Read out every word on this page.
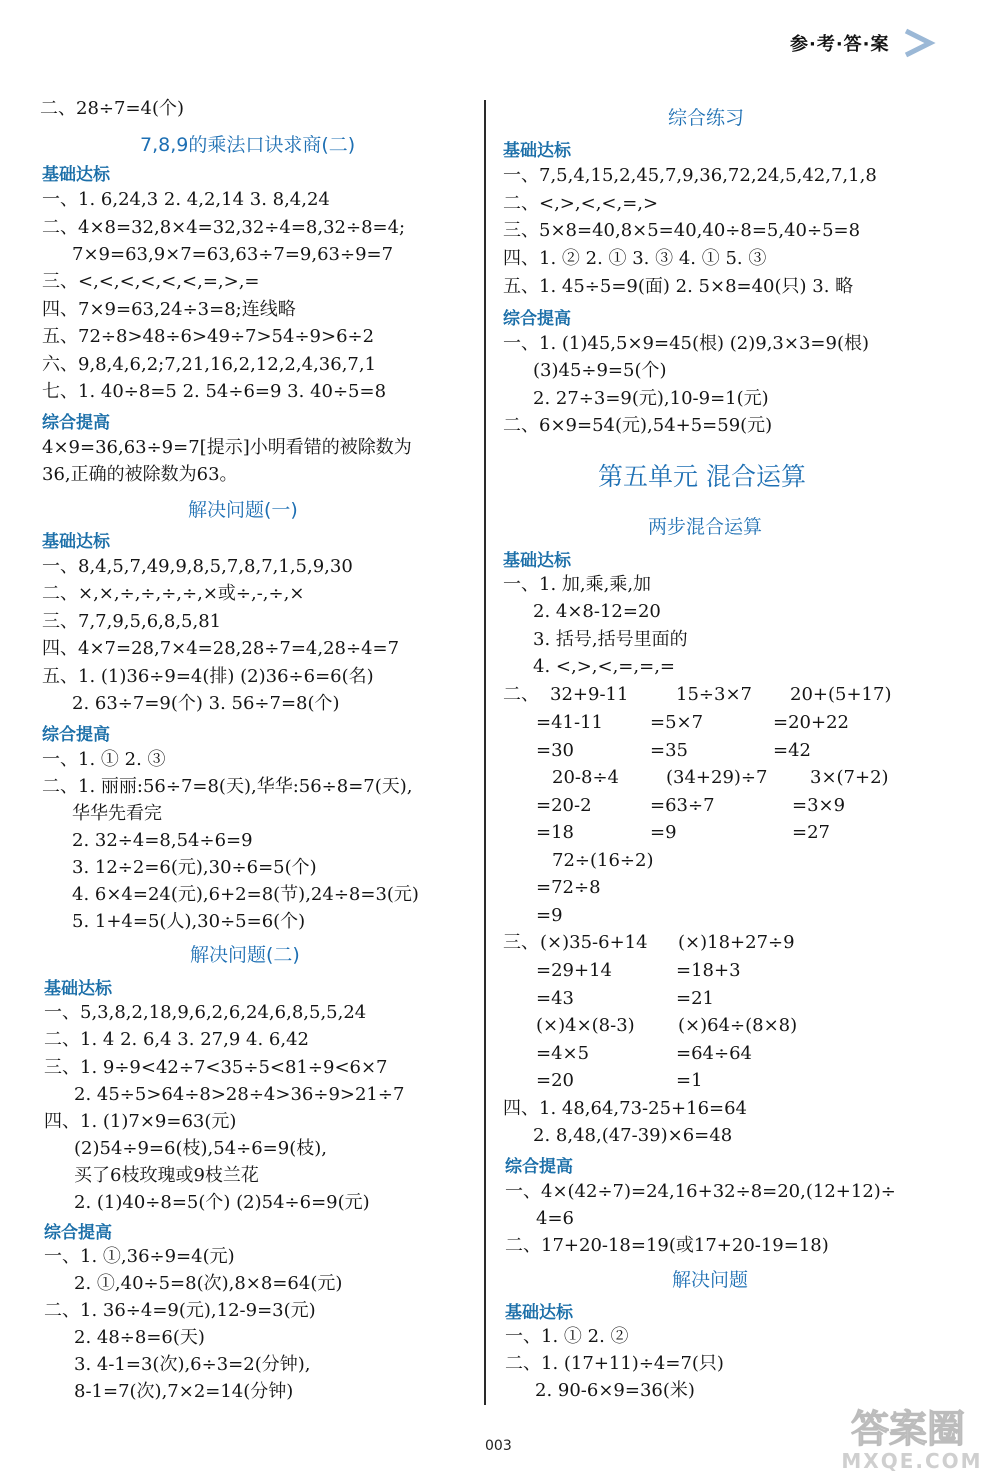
参·考·答·案
二、28÷7=4(个)
7,8,9的乘法口诀求商(二)
基础达标
一、1. 6,24,3 2. 4,2,14 3. 8,4,24
二、4×8=32,8×4=32,32÷4=8,32÷8=4;
7×9=63,9×7=63,63÷7=9,63÷9=7
三、<,<,<,<,<,<,=,>,=
四、7×9=63,24÷3=8;连线略
五、72÷8>48÷6>49÷7>54÷9>6÷2
六、9,8,4,6,2;7,21,16,2,12,2,4,36,7,1
七、1. 40÷8=5 2. 54÷6=9 3. 40÷5=8
综合提高
4×9=36,63÷9=7[提示]小明看错的被除数为
36,正确的被除数为63。
解决问题(一)
基础达标
一、8,4,5,7,49,9,8,5,7,8,7,1,5,9,30
二、×,×,÷,÷,÷,÷,×或÷,-,÷,×
三、7,7,9,5,6,8,5,81
四、4×7=28,7×4=28,28÷7=4,28÷4=7
五、1. (1)36÷9=4(排) (2)36÷6=6(名)
2. 63÷7=9(个) 3. 56÷7=8(个)
综合提高
一、1. ① 2. ③
二、1. 丽丽:56÷7=8(天),华华:56÷8=7(天),
华华先看完
2. 32÷4=8,54÷6=9
3. 12÷2=6(元),30÷6=5(个)
4. 6×4=24(元),6+2=8(节),24÷8=3(元)
5. 1+4=5(人),30÷5=6(个)
解决问题(二)
基础达标
一、5,3,8,2,18,9,6,2,6,24,6,8,5,5,24
二、1. 4 2. 6,4 3. 27,9 4. 6,42
三、1. 9÷9<42÷7<35÷5<81÷9<6×7
2. 45÷5>64÷8>28÷4>36÷9>21÷7
四、1. (1)7×9=63(元)
(2)54÷9=6(枝),54÷6=9(枝),
买了6枝玫瑰或9枝兰花
2. (1)40÷8=5(个) (2)54÷6=9(元)
综合提高
一、1. ①,36÷9=4(元)
2. ①,40÷5=8(次),8×8=64(元)
二、1. 36÷4=9(元),12-9=3(元)
2. 48÷8=6(天)
3. 4-1=3(次),6÷3=2(分钟),
8-1=7(次),7×2=14(分钟)
综合练习
基础达标
一、7,5,4,15,2,45,7,9,36,72,24,5,42,7,1,8
二、<,>,<,<,=,>
三、5×8=40,8×5=40,40÷8=5,40÷5=8
四、1. ② 2. ① 3. ③ 4. ① 5. ③
五、1. 45÷5=9(面) 2. 5×8=40(只) 3. 略
综合提高
一、1. (1)45,5×9=45(根) (2)9,3×3=9(根)
(3)45÷9=5(个)
2. 27÷3=9(元),10-9=1(元)
二、6×9=54(元),54+5=59(元)
第五单元 混合运算
两步混合运算
基础达标
一、1. 加,乘,乘,加
2. 4×8-12=20
3. 括号,括号里面的
4. <,>,<,=,=,=
二、 32+9-11
=41-11
=30
15÷3×7
=5×7
=35
20+(5+17)
=20+22
=42
20-8÷4
=20-2
=18
(34+29)÷7
=63÷7
=9
3×(7+2)
=3×9
=27
72÷(16÷2)
=72÷8
=9
三、 (×)35-6+14
=29+14
=43
(×)18+27÷9
=18+3
=21
(×)4×(8-3)
=4×5
=20
(×)64÷(8×8)
=64÷64
=1
四、1. 48,64,73-25+16=64
2. 8,48,(47-39)×6=48
综合提高
一、4×(42÷7)=24,16+32÷8=20,(12+12)÷
4=6
二、17+20-18=19(或17+20-19=18)
解决问题
基础达标
一、1. ① 2. ②
二、1. (17+11)÷4=7(只)
2. 90-6×9=36(米)
003	答案圈
MXQE.COM
